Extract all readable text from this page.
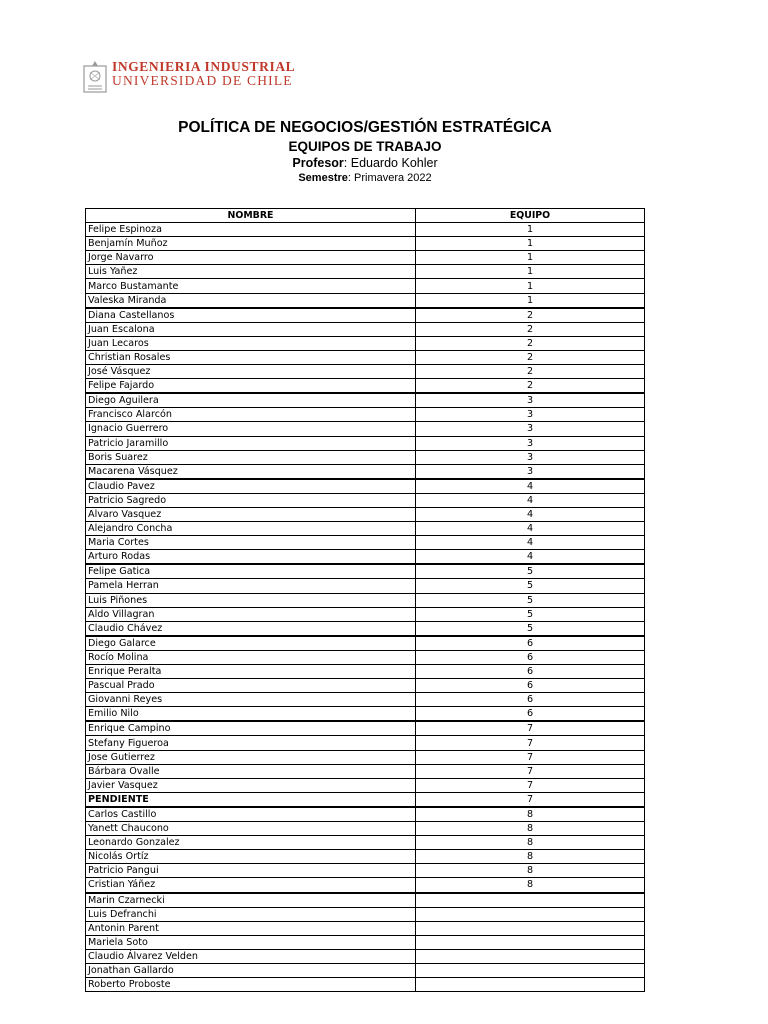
INGENIERIA INDUSTRIAL
UNIVERSIDAD DE CHILE
POLÍTICA DE NEGOCIOS/GESTIÓN ESTRATÉGICA
EQUIPOS DE TRABAJO
Profesor: Eduardo Kohler
Semestre: Primavera 2022
NOMBRE	EQUIPO
Felipe Espinoza	1
Benjamín Muñoz	1
Jorge Navarro	1
Luis Yañez	1
Marco Bustamante	1
Valeska Miranda	1
Diana Castellanos	2
Juan Escalona	2
Juan Lecaros	2
Christian Rosales	2
José Vásquez	2
Felipe Fajardo	2
Diego Aguilera	3
Francisco Alarcón	3
Ignacio Guerrero	3
Patricio Jaramillo	3
Boris Suarez	3
Macarena Vásquez	3
Claudio Pavez	4
Patricio Sagredo	4
Alvaro Vasquez	4
Alejandro Concha	4
Maria Cortes	4
Arturo Rodas	4
Felipe Gatica	5
Pamela Herran	5
Luis Piñones	5
Aldo Villagran	5
Claudio Chávez	5
Diego Galarce	6
Rocío Molina	6
Enrique Peralta	6
Pascual Prado	6
Giovanni Reyes	6
Emilio Nilo	6
Enrique Campino	7
Stefany Figueroa	7
Jose Gutierrez	7
Bárbara Ovalle	7
Javier Vasquez	7
PENDIENTE	7
Carlos Castillo	8
Yanett Chaucono	8
Leonardo Gonzalez	8
Nicolás Ortíz	8
Patricio Pangui	8
Cristian Yáñez	8
Marin Czarnecki	
Luis Defranchi	
Antonin Parent	
Mariela Soto	
Claudio Álvarez Velden	
Jonathan Gallardo	
Roberto Proboste	
